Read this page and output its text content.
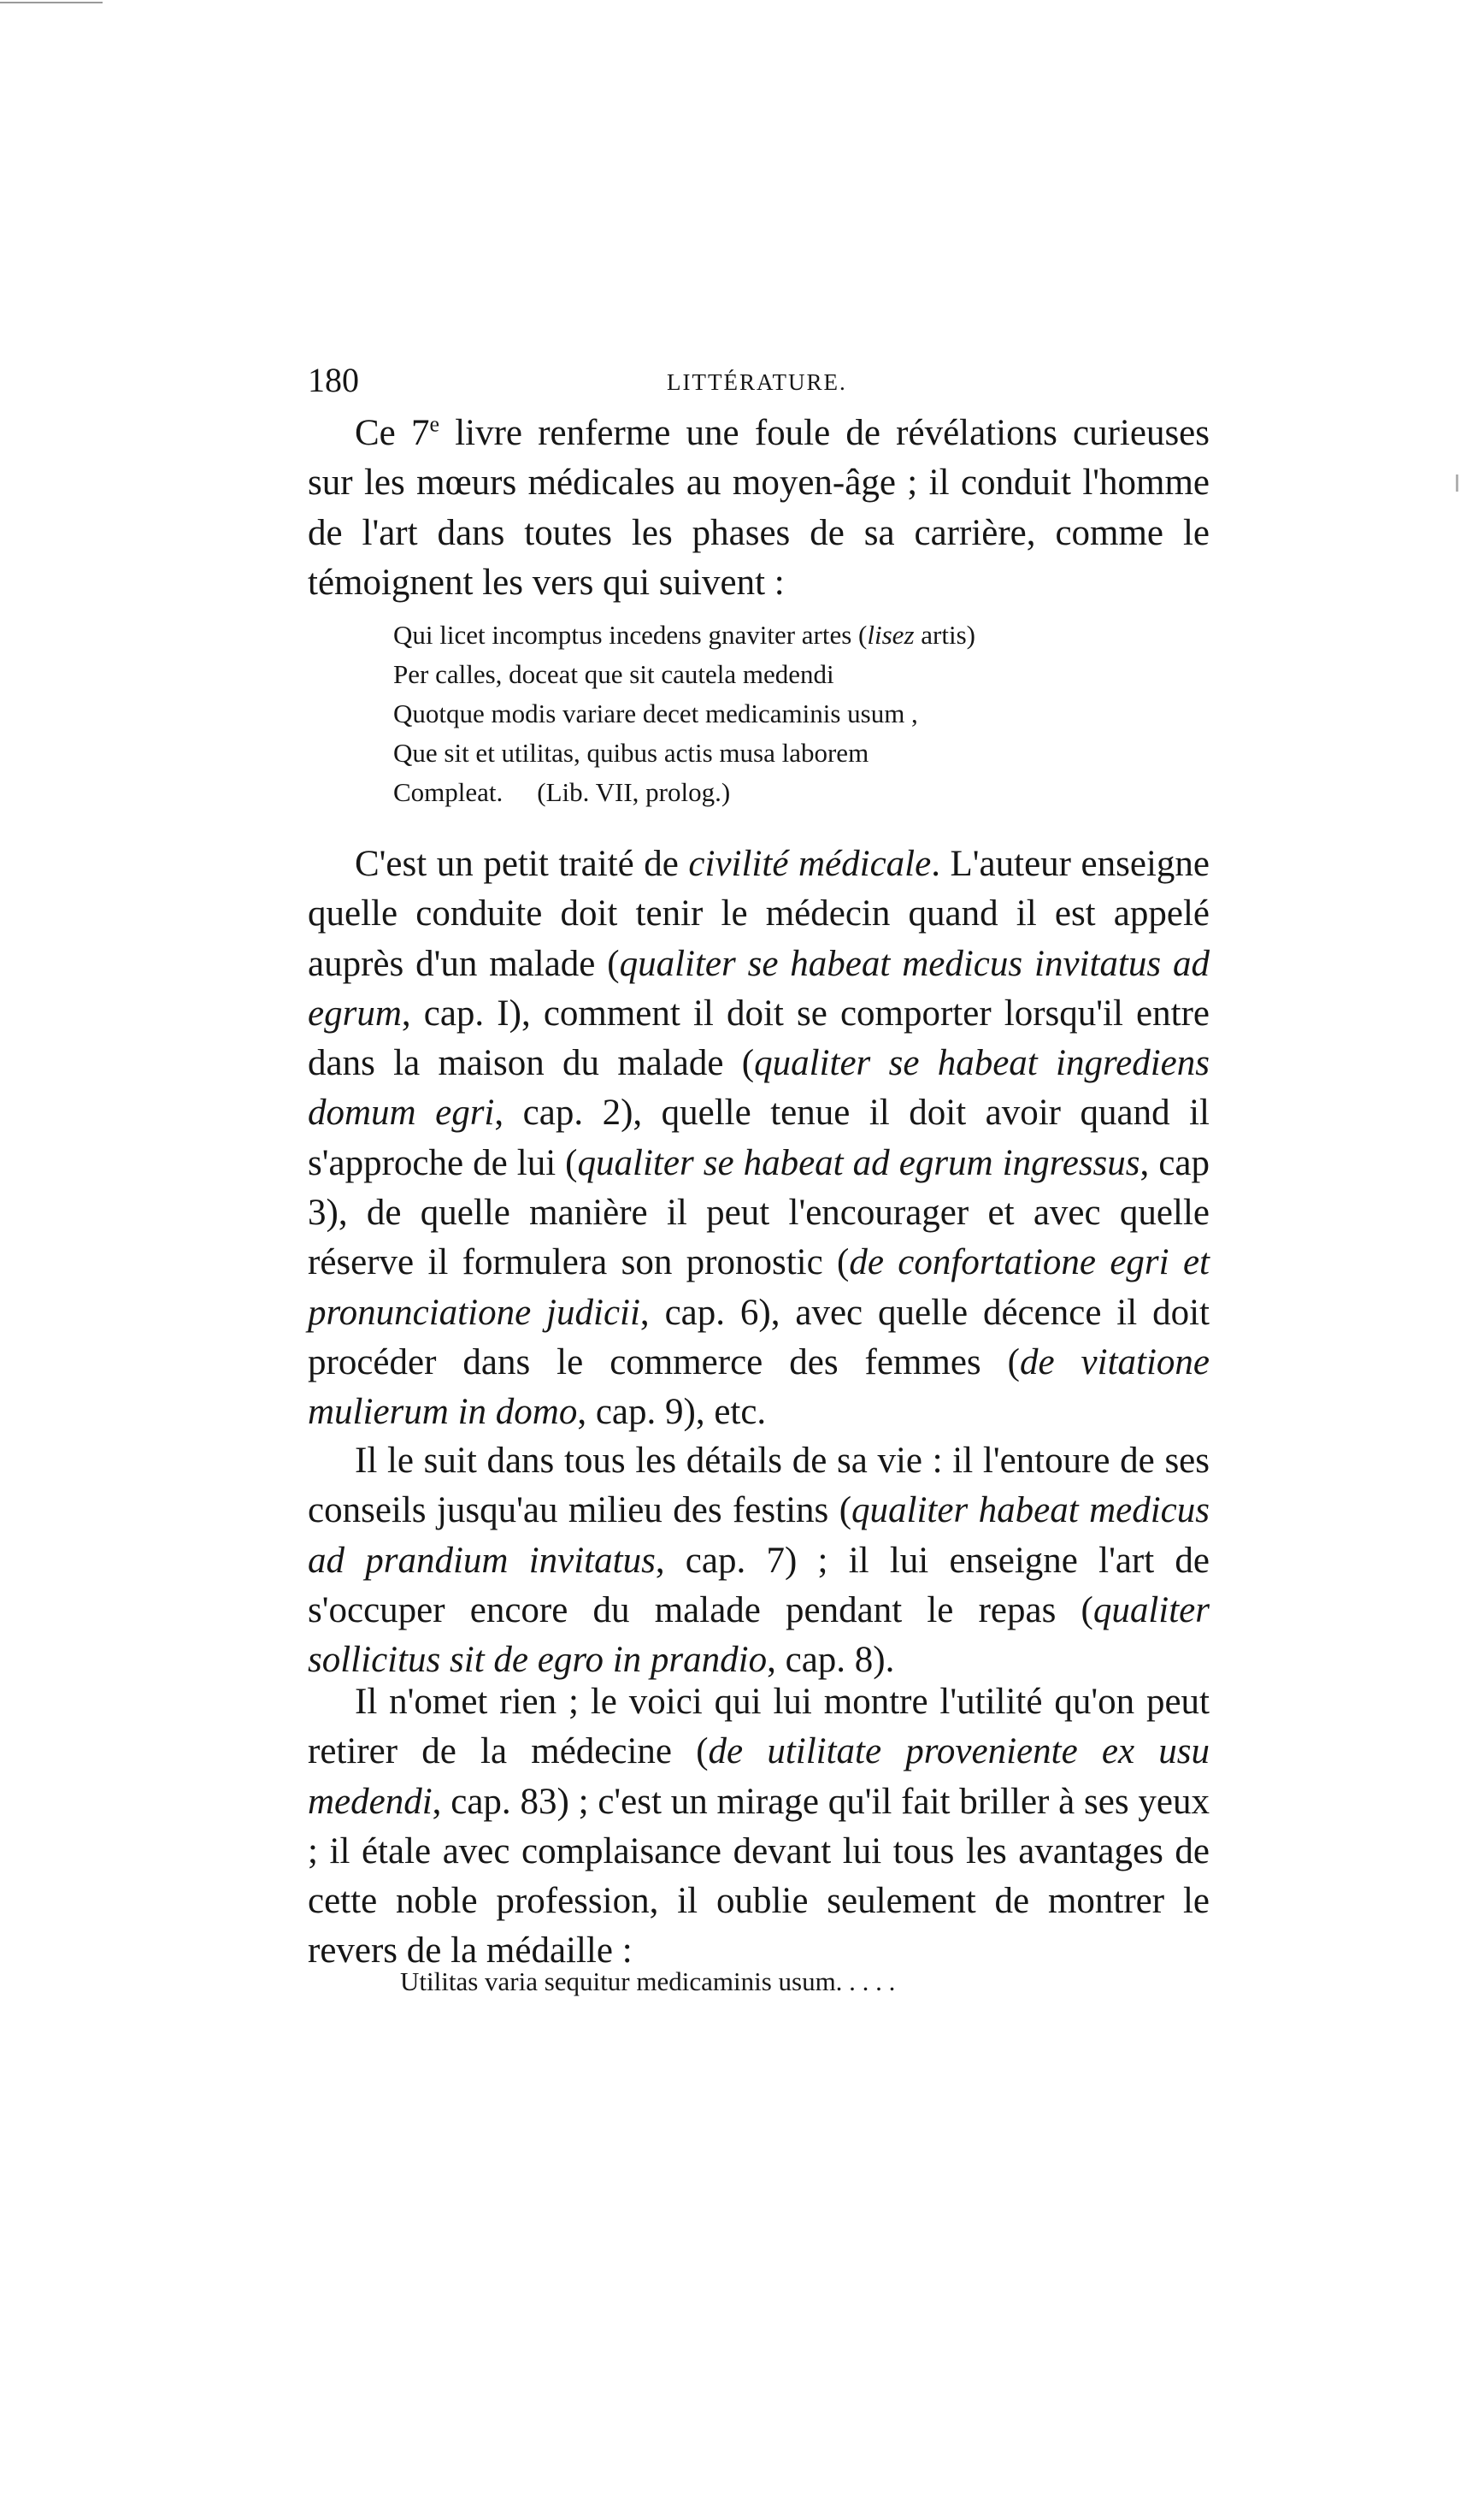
180	LITTÉRATURE.

Ce 7e livre renferme une foule de révélations curieuses sur les mœurs médicales au moyen-âge ; il conduit l'homme de l'art dans toutes les phases de sa carrière, comme le témoignent les vers qui suivent :

Qui licet incomptus incedens gnaviter artes (lisez artis)
Per calles, doceat que sit cautela medendi
Quotque modis variare decet medicaminis usum ,
Que sit et utilitas, quibus actis musa laborem
Compleat. (Lib. VII, prolog.)

C'est un petit traité de civilité médicale. L'auteur enseigne quelle conduite doit tenir le médecin quand il est appelé auprès d'un malade (qualiter se habeat medicus invitatus ad egrum, cap. I), comment il doit se comporter lorsqu'il entre dans la maison du malade (qualiter se habeat ingrediens domum egri, cap. 2), quelle tenue il doit avoir quand il s'approche de lui (qualiter se habeat ad egrum ingressus, cap 3), de quelle manière il peut l'encourager et avec quelle réserve il formulera son pronostic (de confortatione egri et pronunciatione judicii, cap. 6), avec quelle décence il doit procéder dans le commerce des femmes (de vitatione mulierum in domo, cap. 9), etc.

Il le suit dans tous les détails de sa vie : il l'entoure de ses conseils jusqu'au milieu des festins (qualiter habeat medicus ad prandium invitatus, cap. 7) ; il lui enseigne l'art de s'occuper encore du malade pendant le repas (qualiter sollicitus sit de egro in prandio, cap. 8).

Il n'omet rien ; le voici qui lui montre l'utilité qu'on peut retirer de la médecine (de utilitate proveniente ex usu medendi, cap. 83) ; c'est un mirage qu'il fait briller à ses yeux ; il étale avec complaisance devant lui tous les avantages de cette noble profession, il oublie seulement de montrer le revers de la médaille :

Utilitas varia sequitur medicaminis usum. . . . .
